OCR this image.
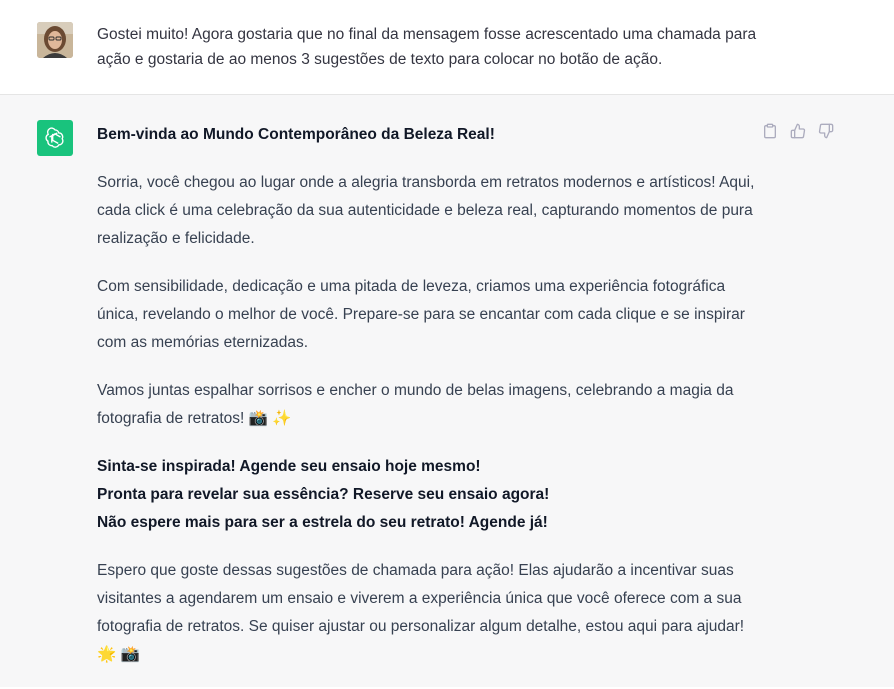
Gostei muito! Agora gostaria que no final da mensagem fosse acrescentado uma chamada para ação e gostaria de ao menos 3 sugestões de texto para colocar no botão de ação.

Bem-vinda ao Mundo Contemporâneo da Beleza Real!

Sorria, você chegou ao lugar onde a alegria transborda em retratos modernos e artísticos! Aqui, cada click é uma celebração da sua autenticidade e beleza real, capturando momentos de pura realização e felicidade.

Com sensibilidade, dedicação e uma pitada de leveza, criamos uma experiência fotográfica única, revelando o melhor de você. Prepare-se para se encantar com cada clique e se inspirar com as memórias eternizadas.

Vamos juntas espalhar sorrisos e encher o mundo de belas imagens, celebrando a magia da fotografia de retratos! 📸 ✨

Sinta-se inspirada! Agende seu ensaio hoje mesmo!
Pronta para revelar sua essência? Reserve seu ensaio agora!
Não espere mais para ser a estrela do seu retrato! Agende já!

Espero que goste dessas sugestões de chamada para ação! Elas ajudarão a incentivar suas visitantes a agendarem um ensaio e viverem a experiência única que você oferece com a sua fotografia de retratos. Se quiser ajustar ou personalizar algum detalhe, estou aqui para ajudar! 🌟 📸
